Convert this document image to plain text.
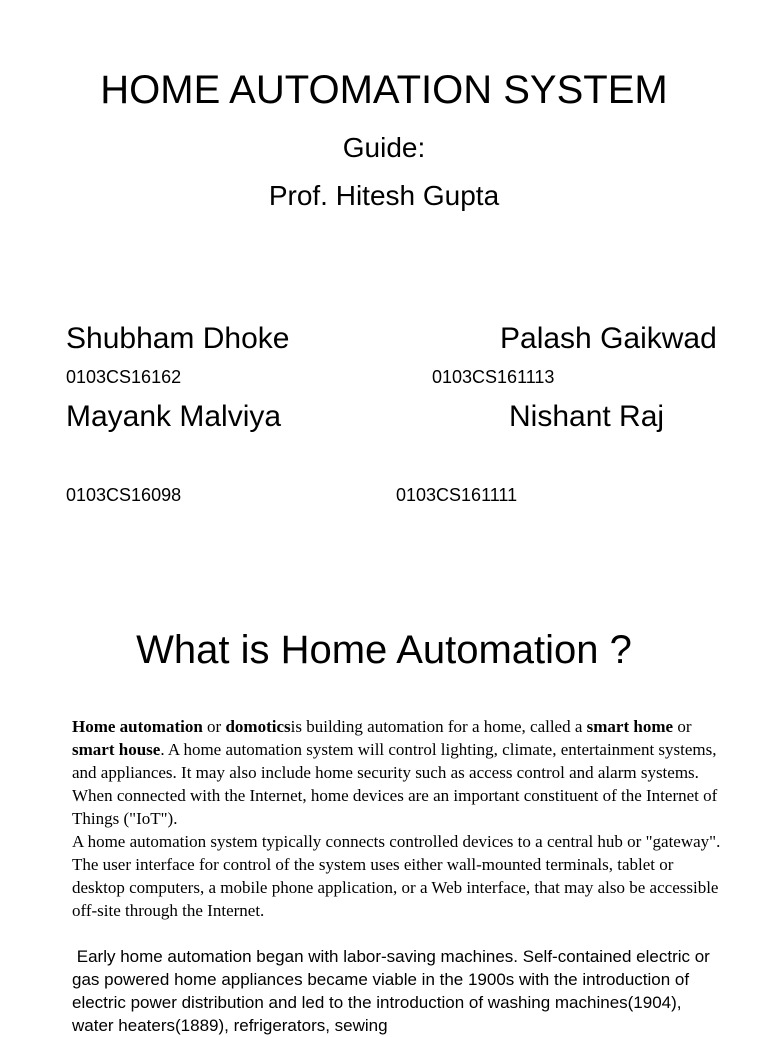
HOME AUTOMATION SYSTEM
Guide:
Prof. Hitesh Gupta
Shubham Dhoke
0103CS16162
Palash Gaikwad
0103CS161113
Mayank Malviya
0103CS16098
Nishant Raj
0103CS161111
What is Home Automation ?
Home automation or domoticsis building automation for a home, called a smart home or smart house. A home automation system will control lighting, climate, entertainment systems, and appliances. It may also include home security such as access control and alarm systems. When connected with the Internet, home devices are an important constituent of the Internet of Things ("IoT").
A home automation system typically connects controlled devices to a central hub or "gateway". The user interface for control of the system uses either wall-mounted terminals, tablet or desktop computers, a mobile phone application, or a Web interface, that may also be accessible off-site through the Internet.
Early home automation began with labor-saving machines. Self-contained electric or gas powered home appliances became viable in the 1900s with the introduction of electric power distribution and led to the introduction of washing machines(1904), water heaters(1889), refrigerators, sewing
